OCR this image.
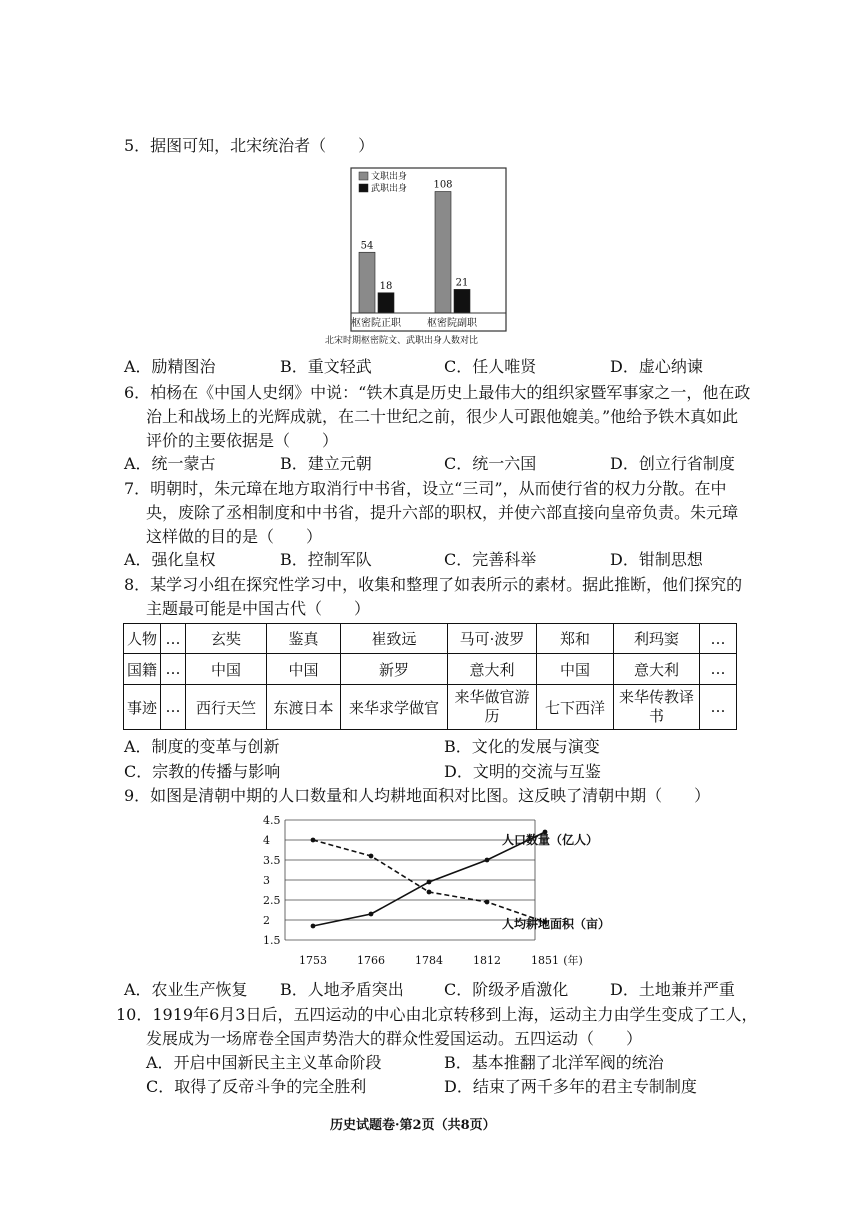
5．据图可知，北宋统治者（　　）
文职出身
武职出身
54
108
18	21
枢密院正职	枢密院副职
北宋时期枢密院文、武职出身人数对比
A．励精图治	B．重文轻武	C．任人唯贤	D．虚心纳谏
6．柏杨在《中国人史纲》中说：“铁木真是历史上最伟大的组织家暨军事家之一，他在政
治上和战场上的光辉成就，在二十世纪之前，很少人可跟他媲美。”他给予铁木真如此
评价的主要依据是（　　）
A．统一蒙古	B．建立元朝	C．统一六国	D．创立行省制度
7．明朝时，朱元璋在地方取消行中书省，设立“三司”，从而使行省的权力分散。在中
央，废除了丞相制度和中书省，提升六部的职权，并使六部直接向皇帝负责。朱元璋
这样做的目的是（　　）
A．强化皇权	B．控制军队	C．完善科举	D．钳制思想
8．某学习小组在探究性学习中，收集和整理了如表所示的素材。据此推断，他们探究的
主题最可能是中国古代（　　）
人物	…	玄奘	鉴真	崔致远	马可·波罗	郑和	利玛窦	…
国籍	…	中国	中国	新罗	意大利	中国	意大利	…
事迹	…	西行天竺	东渡日本	来华求学做官	来华做官游历	七下西洋	来华传教译书	…
A．制度的变革与创新	B．文化的发展与演变
C．宗教的传播与影响	D．文明的交流与互鉴
9．如图是清朝中期的人口数量和人均耕地面积对比图。这反映了清朝中期（　　）
4.5
4
3.5
3
2.5
2
1.5
1753	1766	1784	1812	1851 (年)
人口数量（亿人）
人均耕地面积（亩）
A．农业生产恢复 B．人地矛盾突出	C．阶级矛盾激化	D．土地兼并严重
10．1919年6月3日后，五四运动的中心由北京转移到上海，运动主力由学生变成了工人，
发展成为一场席卷全国声势浩大的群众性爱国运动。五四运动（　　）
A．开启中国新民主主义革命阶段	B．基本推翻了北洋军阀的统治
C．取得了反帝斗争的完全胜利	D．结束了两千多年的君主专制制度
历史试题卷·第2页（共8页）
